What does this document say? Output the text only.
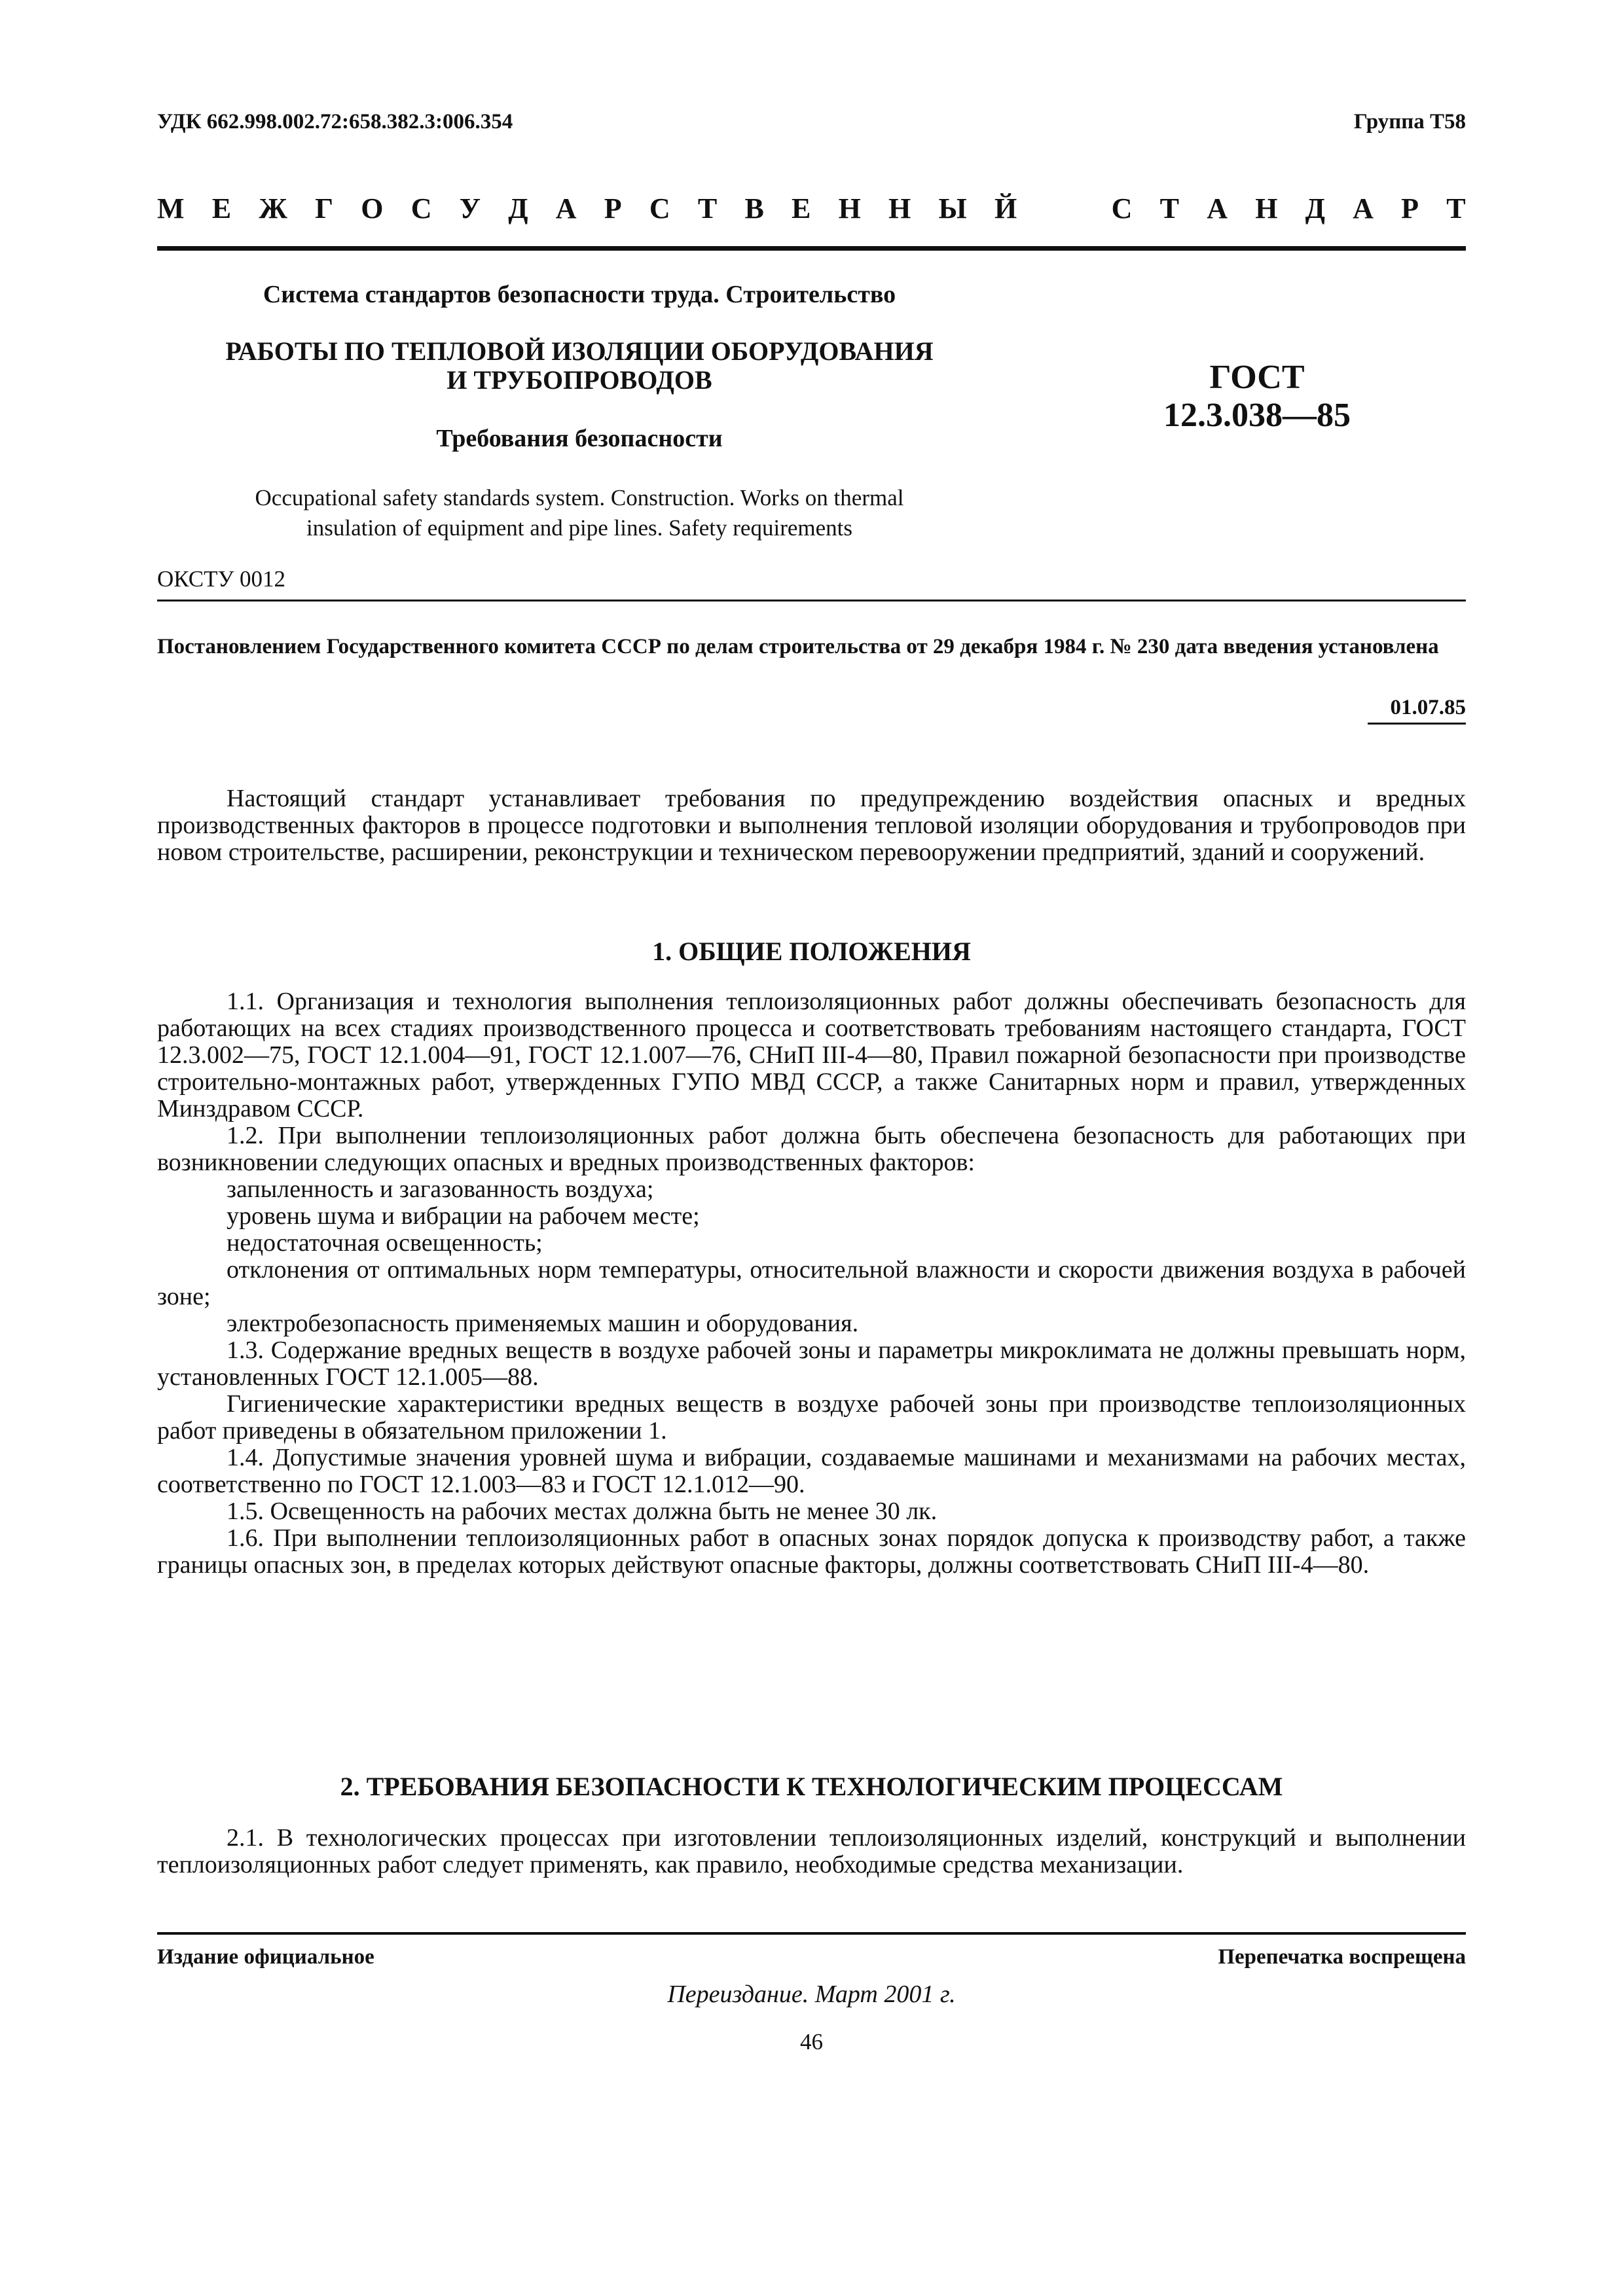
УДК 662.998.002.72:658.382.3:006.354	Группа Т58
М Е Ж Г О С У Д А Р С Т В Е Н Н Ы Й	С Т А Н Д А Р Т
Система стандартов безопасности труда. Строительство
РАБОТЫ ПО ТЕПЛОВОЙ ИЗОЛЯЦИИ ОБОРУДОВАНИЯ
И ТРУБОПРОВОДОВ
Требования безопасности
ГОСТ
12.3.038—85
Occupational safety standards system. Construction. Works on thermal
insulation of equipment and pipe lines. Safety requirements
ОКСТУ 0012
Постановлением Государственного комитета СССР по делам строительства от 29 декабря 1984 г. № 230 дата введения установлена
01.07.85

Настоящий стандарт устанавливает требования по предупреждению воздействия опасных и вредных производственных факторов в процессе подготовки и выполнения тепловой изоляции оборудования и трубопроводов при новом строительстве, расширении, реконструкции и техническом перевооружении предприятий, зданий и сооружений.

1. ОБЩИЕ ПОЛОЖЕНИЯ

1.1. Организация и технология выполнения теплоизоляционных работ должны обеспечивать безопасность для работающих на всех стадиях производственного процесса и соответствовать требованиям настоящего стандарта, ГОСТ 12.3.002—75, ГОСТ 12.1.004—91, ГОСТ 12.1.007—76, СНиП III-4—80, Правил пожарной безопасности при производстве строительно-монтажных работ, утвержденных ГУПО МВД СССР, а также Санитарных норм и правил, утвержденных Минздравом СССР.

1.2. При выполнении теплоизоляционных работ должна быть обеспечена безопасность для работающих при возникновении следующих опасных и вредных производственных факторов:

запыленность и загазованность воздуха;

уровень шума и вибрации на рабочем месте;

недостаточная освещенность;

отклонения от оптимальных норм температуры, относительной влажности и скорости движения воздуха в рабочей зоне;

электробезопасность применяемых машин и оборудования.

1.3. Содержание вредных веществ в воздухе рабочей зоны и параметры микроклимата не должны превышать норм, установленных ГОСТ 12.1.005—88.

Гигиенические характеристики вредных веществ в воздухе рабочей зоны при производстве теплоизоляционных работ приведены в обязательном приложении 1.

1.4. Допустимые значения уровней шума и вибрации, создаваемые машинами и механизмами на рабочих местах, соответственно по ГОСТ 12.1.003—83 и ГОСТ 12.1.012—90.

1.5. Освещенность на рабочих местах должна быть не менее 30 лк.

1.6. При выполнении теплоизоляционных работ в опасных зонах порядок допуска к производству работ, а также границы опасных зон, в пределах которых действуют опасные факторы, должны соответствовать СНиП III-4—80.

2. ТРЕБОВАНИЯ БЕЗОПАСНОСТИ К ТЕХНОЛОГИЧЕСКИМ ПРОЦЕССАМ

2.1. В технологических процессах при изготовлении теплоизоляционных изделий, конструкций и выполнении теплоизоляционных работ следует применять, как правило, необходимые средства механизации.

Издание официальное	Перепечатка воспрещена
Переиздание. Март 2001 г.
46
